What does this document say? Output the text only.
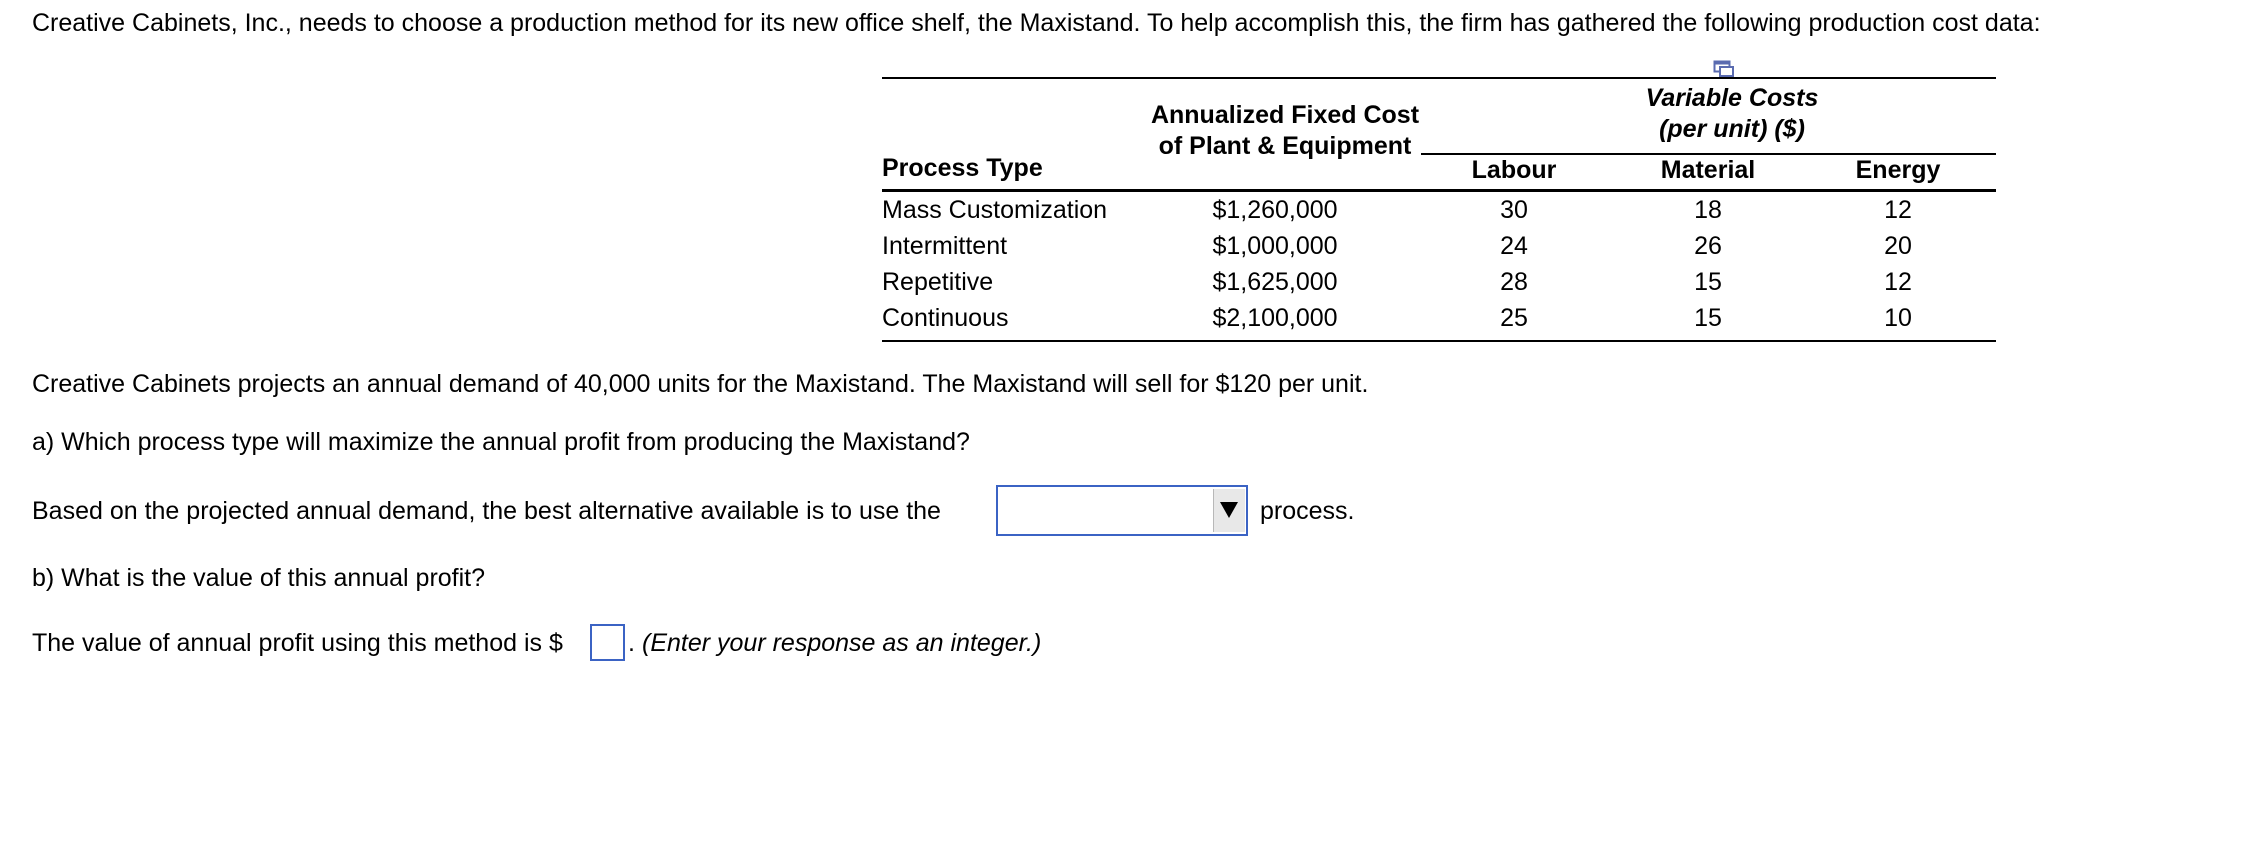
Creative Cabinets, Inc., needs to choose a production method for its new office shelf, the Maxistand. To help accomplish this, the firm has gathered the following production cost data:
Variable Costs
(per unit) ($)
Annualized Fixed Cost
of Plant & Equipment
Process Type	Labour	Material	Energy
Mass Customization	$1,260,000	30	18	12
Intermittent	$1,000,000	24	26	20
Repetitive	$1,625,000	28	15	12
Continuous	$2,100,000	25	15	10
Creative Cabinets projects an annual demand of 40,000 units for the Maxistand. The Maxistand will sell for $120 per unit.
a) Which process type will maximize the annual profit from producing the Maxistand?
Based on the projected annual demand, the best alternative available is to use the	process.
b) What is the value of this annual profit?
The value of annual profit using this method is $	. (Enter your response as an integer.)
